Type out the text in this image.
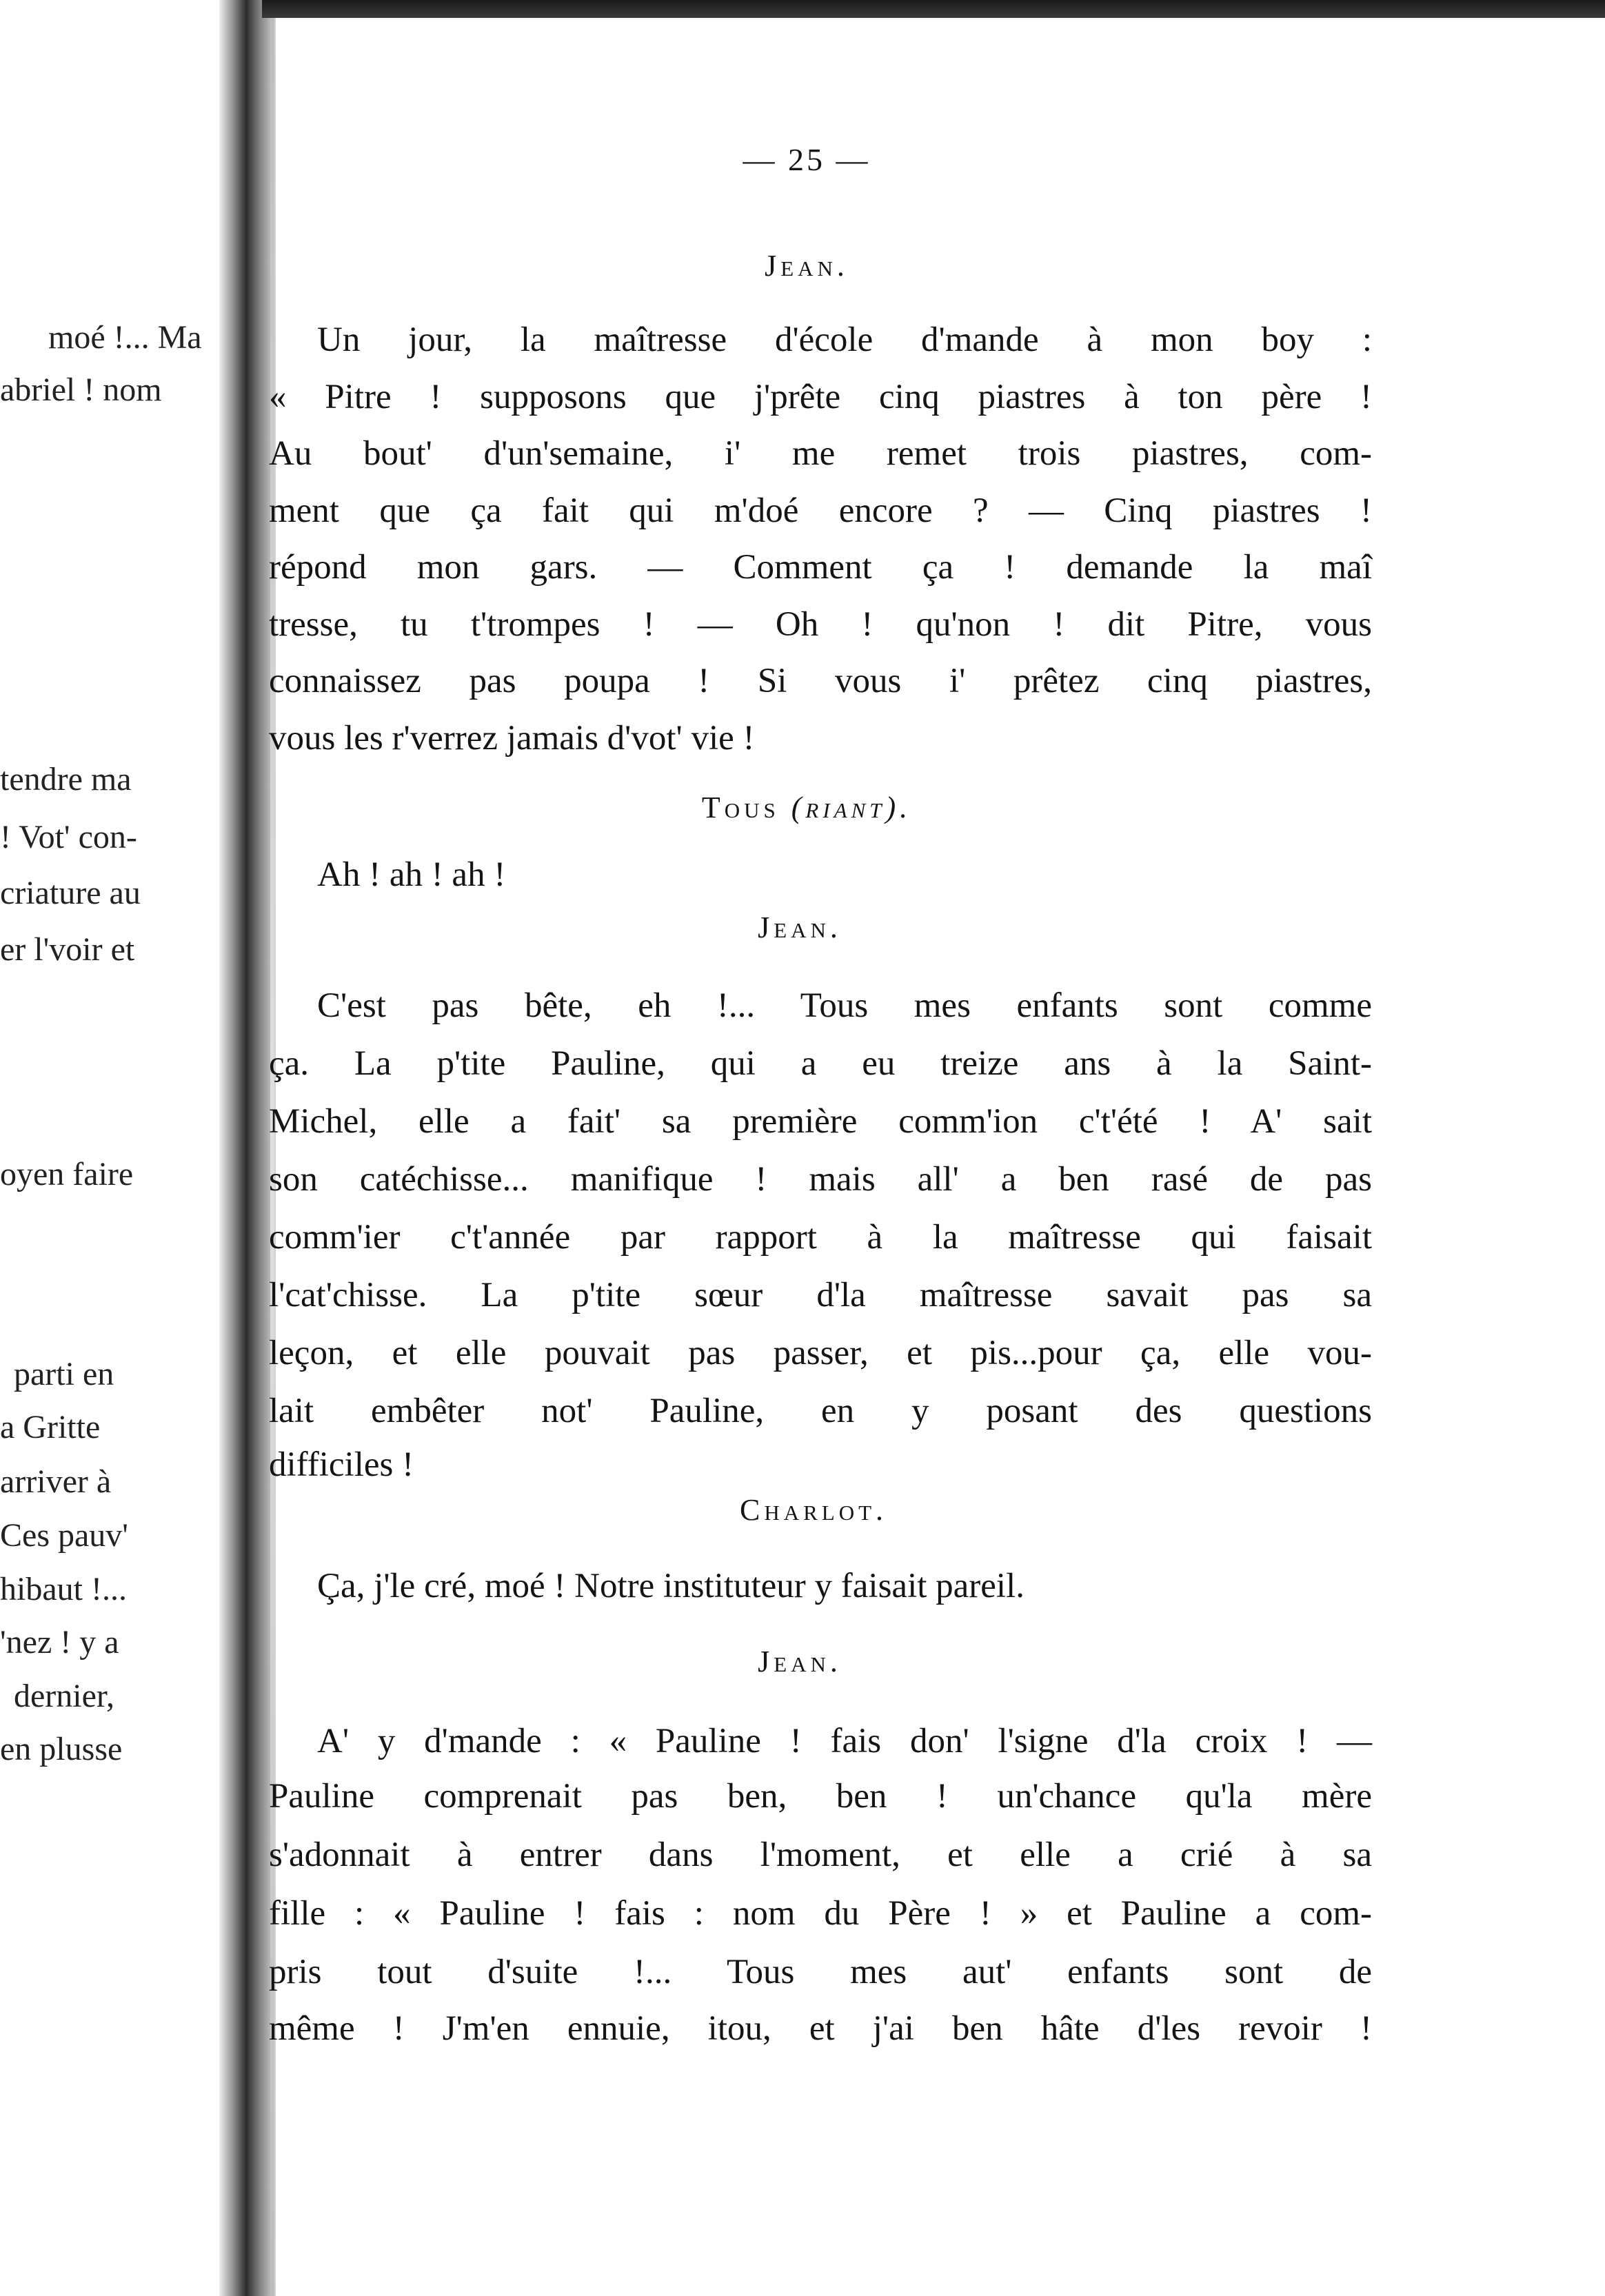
moé !... Ma
abriel ! nom
tendre ma
! Vot' con-
criature au
er l'voir et
oyen faire
parti en
a Gritte
arriver à
Ces pauv'
hibaut !...
'nez ! y a
dernier,
en plusse
— 25 —
Jean.
Un jour, la maîtresse d'école d'mande à mon boy :
« Pitre ! supposons que j'prête cinq piastres à ton père !
Au bout' d'un'semaine, i' me remet trois piastres, com-
ment que ça fait qui m'doé encore ? — Cinq piastres !
répond mon gars. — Comment ça ! demande la maî
tresse, tu t'trompes ! — Oh ! qu'non ! dit Pitre, vous
connaissez pas poupa ! Si vous i' prêtez cinq piastres,
vous les r'verrez jamais d'vot' vie !
Tous (riant).
Ah ! ah ! ah !
Jean.
C'est pas bête, eh !... Tous mes enfants sont comme
ça. La p'tite Pauline, qui a eu treize ans à la Saint-
Michel, elle a fait' sa première comm'ion c't'été ! A' sait
son catéchisse... manifique ! mais all' a ben rasé de pas
comm'ier c't'année par rapport à la maîtresse qui faisait
l'cat'chisse. La p'tite sœur d'la maîtresse savait pas sa
leçon, et elle pouvait pas passer, et pis...pour ça, elle vou-
lait embêter not' Pauline, en y posant des questions
difficiles !
Charlot.
Ça, j'le cré, moé ! Notre instituteur y faisait pareil.
Jean.
A' y d'mande : « Pauline ! fais don' l'signe d'la croix ! —
Pauline comprenait pas ben, ben ! un'chance qu'la mère
s'adonnait à entrer dans l'moment, et elle a crié à sa
fille : « Pauline ! fais : nom du Père ! » et Pauline a com-
pris tout d'suite !... Tous mes aut' enfants sont de
même ! J'm'en ennuie, itou, et j'ai ben hâte d'les revoir !
